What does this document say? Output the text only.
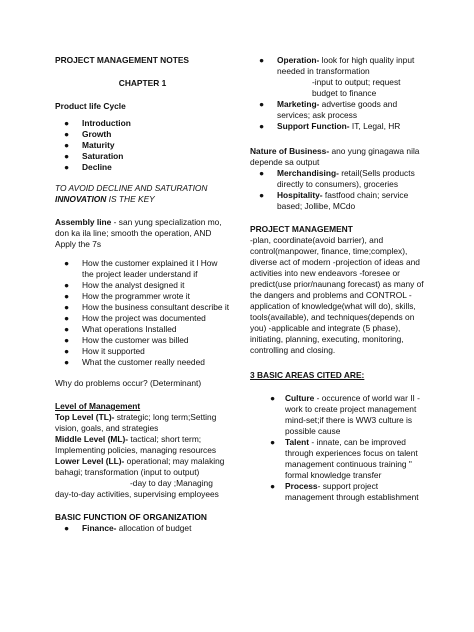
PROJECT MANAGEMENT NOTES

CHAPTER 1

Product life Cycle

● Introduction
● Growth
● Maturity
● Saturation
● Decline

TO AVOID DECLINE AND SATURATION

INNOVATION IS THE KEY

Assembly line - san yung specialization mo, don ka ila line; smooth the operation, AND Apply the 7s

● How the customer explained it l How the project leader understand if
● How the analyst designed it
● How the programmer wrote it
● How the business consultant describe it
● How the project was documented
● What operations Installed
● How the customer was billed
● How it supported
● What the customer really needed

Why do problems occur? (Determinant)

Level of Management

Top Level (TL)- strategic; long term;Setting vision, goals, and strategies

Middle Level (ML)- tactical; short term; Implementing policies, managing resources

Lower Level (LL)- operational; may malaking bahagi; transformation (input to output)

-day to day ;Managing

day-to-day activities, supervising employees

BASIC FUNCTION OF ORGANIZATION

● Finance- allocation of budget
● Operation- look for high quality input needed in transformation
-input to output; request budget to finance
● Marketing- advertise goods and services; ask process
● Support Function- IT, Legal, HR

Nature of Business- ano yung ginagawa nila depende sa output

● Merchandising- retail(Sells products directly to consumers), groceries
● Hospitality- fastfood chain; service based; Jollibe, MCdo

PROJECT MANAGEMENT

-plan, coordinate(avoid barrier), and control(manpower, finance, time;complex), diverse act of modern -projection of ideas and activities into new endeavors -foresee or predict(use prior/naunang forecast) as many of the dangers and problems and CONTROL -application of knowledge(what will do), skills, tools(available), and techniques(depends on you) -applicable and integrate (5 phase), initiating, planning, executing, monitoring, controlling and closing.

3 BASIC AREAS CITED ARE:

● Culture - occurence of world war II -work to create project management mind-set;if there is WW3 culture is possible cause
● Talent - innate, can be improved through experiences focus on talent management continuous training " formal knowledge transfer
● Process- support project management through establishment
